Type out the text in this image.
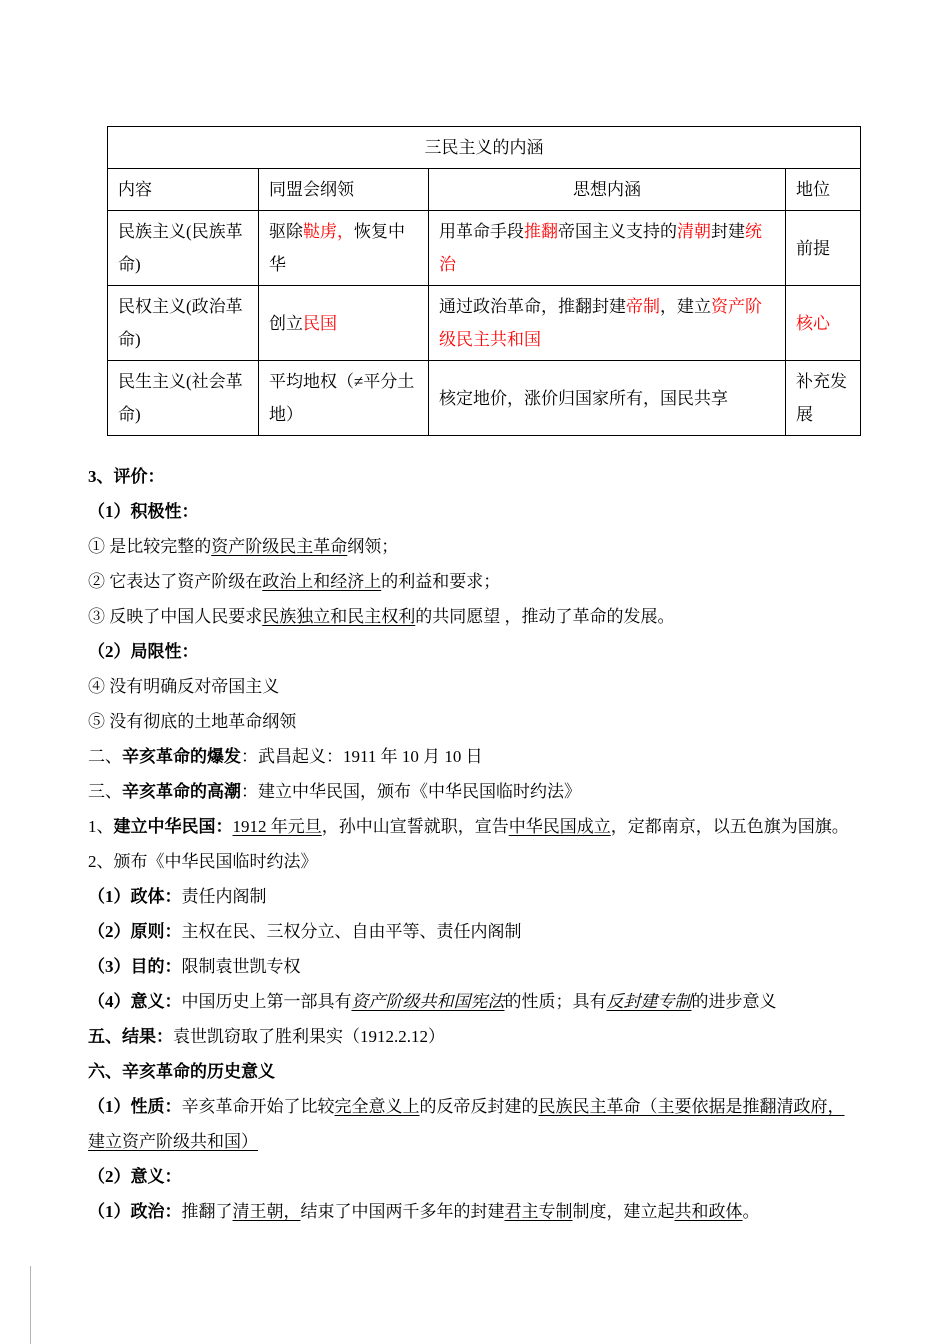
三民主义的内涵			
内容	同盟会纲领	思想内涵	地位
民族主义(民族革命)	驱除鞑虏，恢复中华	用革命手段推翻帝国主义支持的清朝封建统治	前提
民权主义(政治革命)	创立民国	通过政治革命，推翻封建帝制，建立资产阶级民主共和国	核心
民生主义(社会革命)	平均地权（≠平分土地）	核定地价，涨价归国家所有，国民共享	补充发展

3、评价：

（1）积极性：

① 是比较完整的资产阶级民主革命纲领；

② 它表达了资产阶级在政治上和经济上的利益和要求；

③ 反映了中国人民要求民族独立和民主权利的共同愿望 ，推动了革命的发展。

（2）局限性：

④ 没有明确反对帝国主义

⑤ 没有彻底的土地革命纲领

二、辛亥革命的爆发：武昌起义：1911 年 10 月 10 日

三、辛亥革命的高潮：建立中华民国，颁布《中华民国临时约法》

1、建立中华民国：1912 年元旦，孙中山宣誓就职，宣告中华民国成立，定都南京，以五色旗为国旗。

2、颁布《中华民国临时约法》

（1）政体：责任内阁制

（2）原则：主权在民、三权分立、自由平等、责任内阁制

（3）目的：限制袁世凯专权

（4）意义：中国历史上第一部具有资产阶级共和国宪法的性质；具有反封建专制的进步意义

五、结果：袁世凯窃取了胜利果实（1912.2.12）

六、辛亥革命的历史意义

（1）性质：辛亥革命开始了比较完全意义上的反帝反封建的民族民主革命（主要依据是推翻清政府，建立资产阶级共和国）

（2）意义：

（1）政治：推翻了清王朝，结束了中国两千多年的封建君主专制制度，建立起共和政体。
